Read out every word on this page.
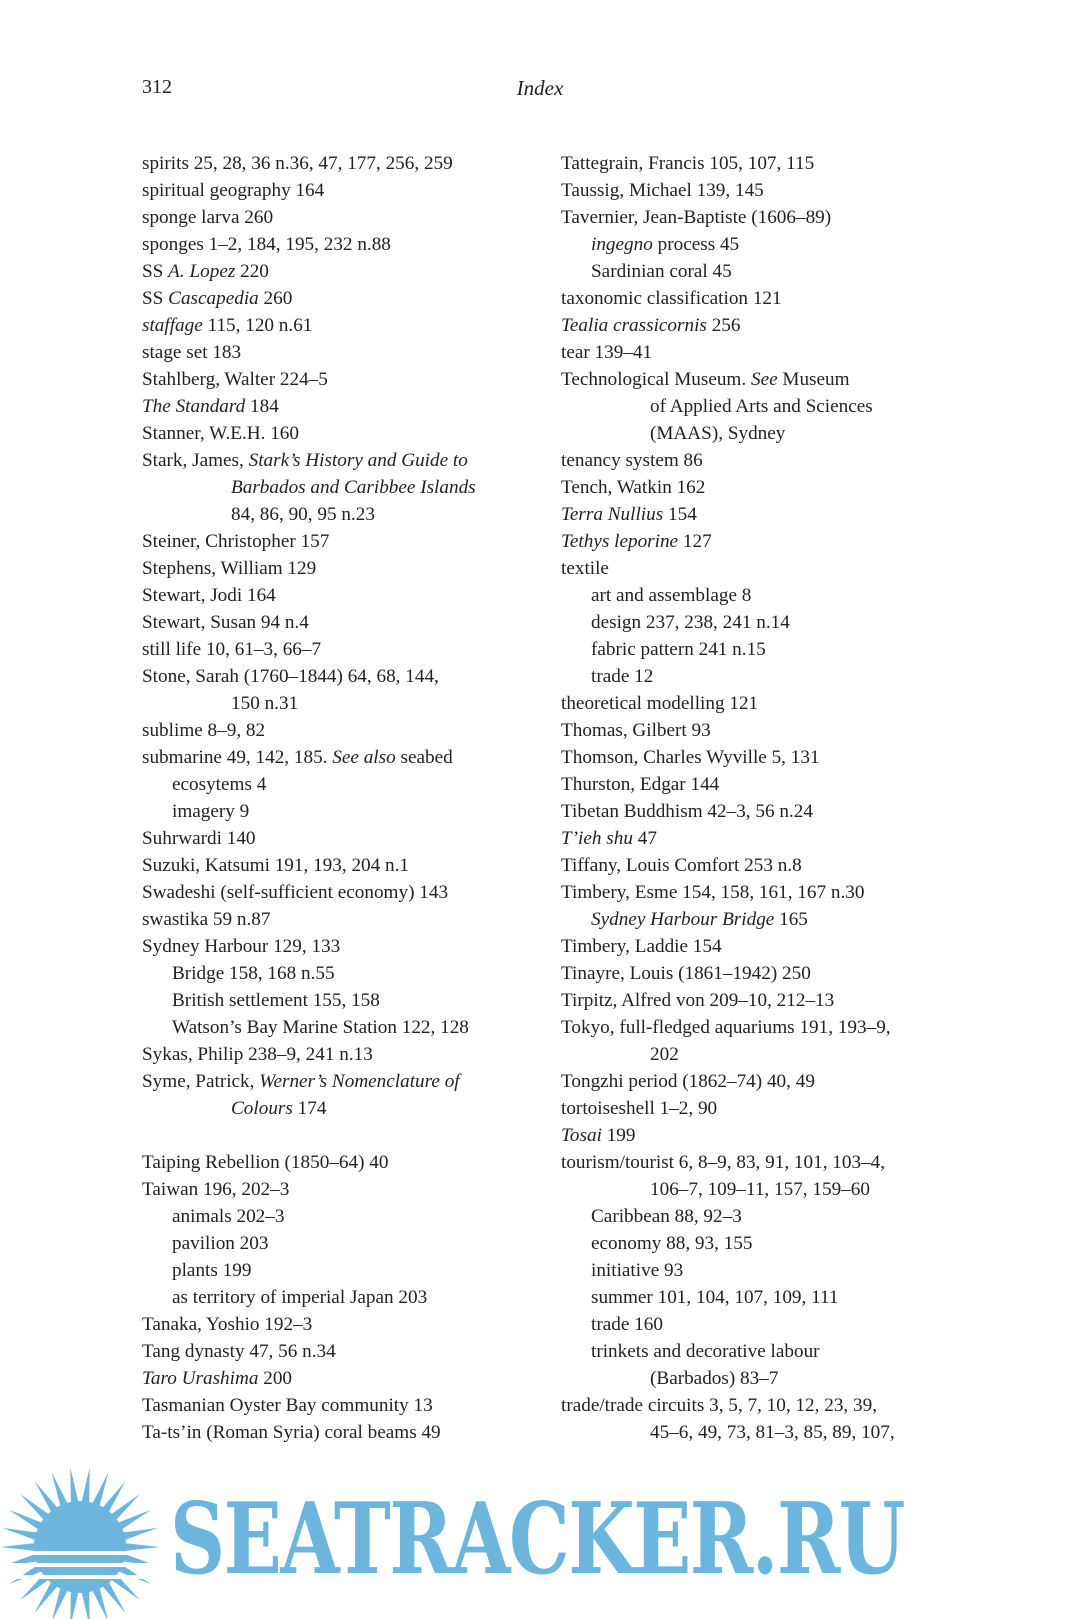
312	Index
spirits 25, 28, 36 n.36, 47, 177, 256, 259
spiritual geography 164
sponge larva 260
sponges 1–2, 184, 195, 232 n.88
SS A. Lopez 220
SS Cascapedia 260
staffage 115, 120 n.61
stage set 183
Stahlberg, Walter 224–5
The Standard 184
Stanner, W.E.H. 160
Stark, James, Stark’s History and Guide to
Barbados and Caribbee Islands
84, 86, 90, 95 n.23
Steiner, Christopher 157
Stephens, William 129
Stewart, Jodi 164
Stewart, Susan 94 n.4
still life 10, 61–3, 66–7
Stone, Sarah (1760–1844) 64, 68, 144,
150 n.31
sublime 8–9, 82
submarine 49, 142, 185. See also seabed
ecosytems 4
imagery 9
Suhrwardi 140
Suzuki, Katsumi 191, 193, 204 n.1
Swadeshi (self-sufficient economy) 143
swastika 59 n.87
Sydney Harbour 129, 133
Bridge 158, 168 n.55
British settlement 155, 158
Watson’s Bay Marine Station 122, 128
Sykas, Philip 238–9, 241 n.13
Syme, Patrick, Werner’s Nomenclature of
Colours 174
Taiping Rebellion (1850–64) 40
Taiwan 196, 202–3
animals 202–3
pavilion 203
plants 199
as territory of imperial Japan 203
Tanaka, Yoshio 192–3
Tang dynasty 47, 56 n.34
Taro Urashima 200
Tasmanian Oyster Bay community 13
Ta-ts’in (Roman Syria) coral beams 49
Tattegrain, Francis 105, 107, 115
Taussig, Michael 139, 145
Tavernier, Jean-Baptiste (1606–89)
ingegno process 45
Sardinian coral 45
taxonomic classification 121
Tealia crassicornis 256
tear 139–41
Technological Museum. See Museum
of Applied Arts and Sciences
(MAAS), Sydney
tenancy system 86
Tench, Watkin 162
Terra Nullius 154
Tethys leporine 127
textile
art and assemblage 8
design 237, 238, 241 n.14
fabric pattern 241 n.15
trade 12
theoretical modelling 121
Thomas, Gilbert 93
Thomson, Charles Wyville 5, 131
Thurston, Edgar 144
Tibetan Buddhism 42–3, 56 n.24
T’ieh shu 47
Tiffany, Louis Comfort 253 n.8
Timbery, Esme 154, 158, 161, 167 n.30
Sydney Harbour Bridge 165
Timbery, Laddie 154
Tinayre, Louis (1861–1942) 250
Tirpitz, Alfred von 209–10, 212–13
Tokyo, full-fledged aquariums 191, 193–9,
202
Tongzhi period (1862–74) 40, 49
tortoiseshell 1–2, 90
Tosai 199
tourism/tourist 6, 8–9, 83, 91, 101, 103–4,
106–7, 109–11, 157, 159–60
Caribbean 88, 92–3
economy 88, 93, 155
initiative 93
summer 101, 104, 107, 109, 111
trade 160
trinkets and decorative labour
(Barbados) 83–7
trade/trade circuits 3, 5, 7, 10, 12, 23, 39,
45–6, 49, 73, 81–3, 85, 89, 107,
SEATRACKER.RU
